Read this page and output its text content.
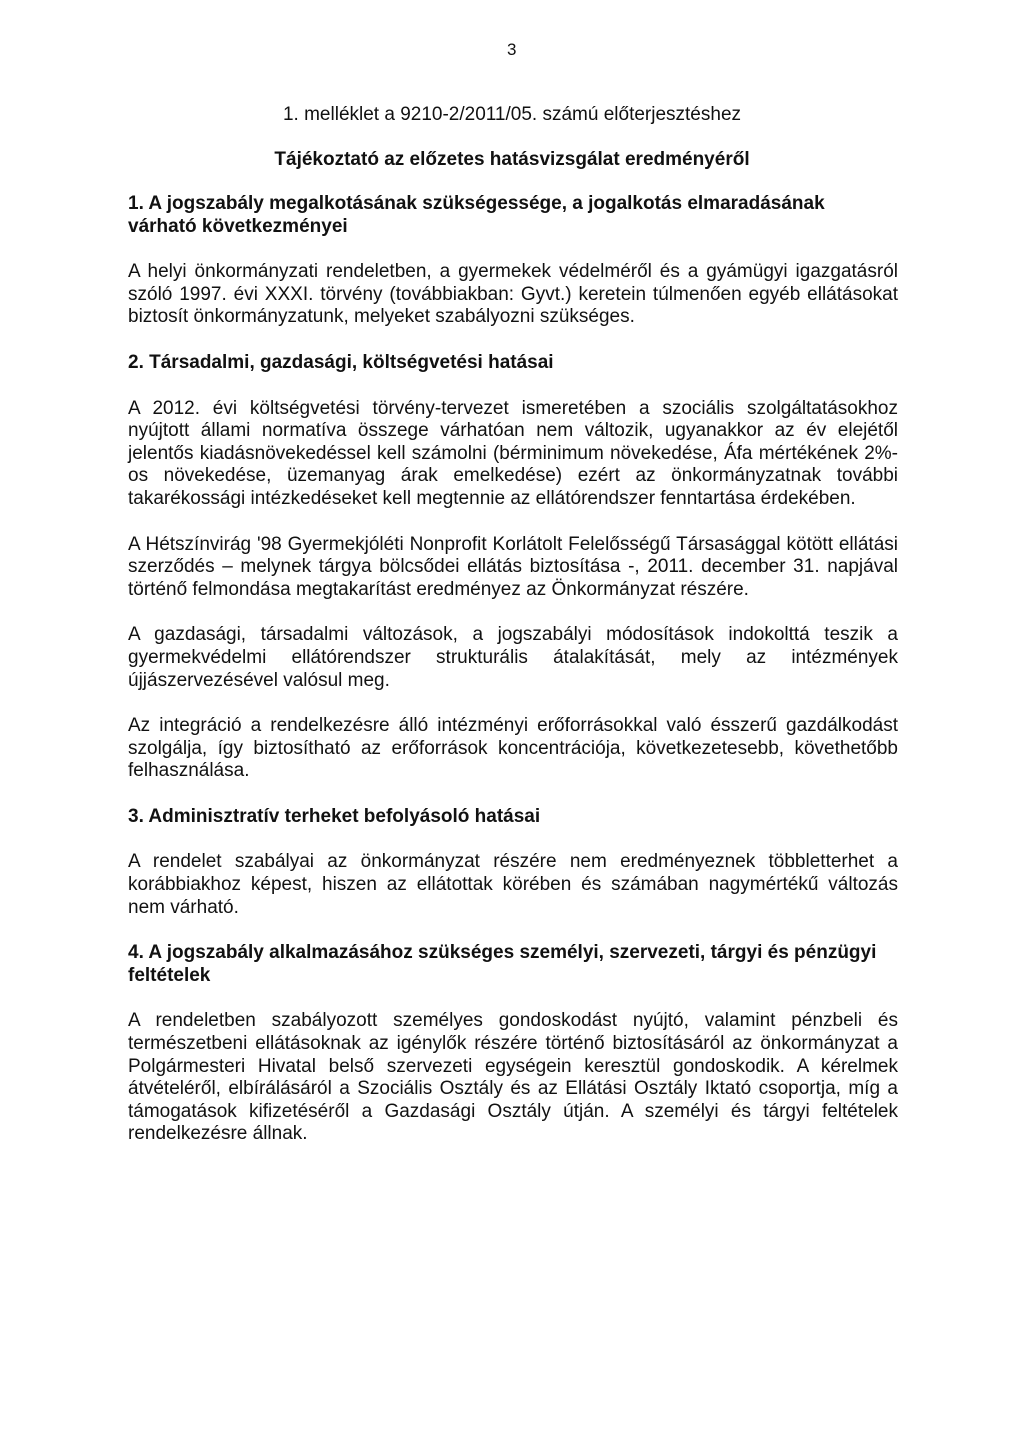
3
1. melléklet a 9210-2/2011/05. számú előterjesztéshez
Tájékoztató az előzetes hatásvizsgálat eredményéről

1. A jogszabály megalkotásának szükségessége, a jogalkotás elmaradásának várható következményei

A helyi önkormányzati rendeletben, a gyermekek védelméről és a gyámügyi igazgatásról szóló 1997. évi XXXI. törvény (továbbiakban: Gyvt.) keretein túlmenően egyéb ellátásokat biztosít önkormányzatunk, melyeket szabályozni szükséges.

2. Társadalmi, gazdasági, költségvetési hatásai

A 2012. évi költségvetési törvény-tervezet ismeretében a szociális szolgáltatásokhoz nyújtott állami normatíva összege várhatóan nem változik, ugyanakkor az év elejétől jelentős kiadásnövekedéssel kell számolni (bérminimum növekedése, Áfa mértékének 2%-os növekedése, üzemanyag árak emelkedése) ezért az önkormányzatnak további takarékossági intézkedéseket kell megtennie az ellátórendszer fenntartása érdekében.

A Hétszínvirág '98 Gyermekjóléti Nonprofit Korlátolt Felelősségű Társasággal kötött ellátási szerződés – melynek tárgya bölcsődei ellátás biztosítása -, 2011. december 31. napjával történő felmondása megtakarítást eredményez az Önkormányzat részére.

A gazdasági, társadalmi változások, a jogszabályi módosítások indokolttá teszik a gyermekvédelmi ellátórendszer strukturális átalakítását, mely az intézmények újjászervezésével valósul meg.

Az integráció a rendelkezésre álló intézményi erőforrásokkal való ésszerű gazdálkodást szolgálja, így biztosítható az erőforrások koncentrációja, következetesebb, követhetőbb felhasználása.

3. Adminisztratív terheket befolyásoló hatásai

A rendelet szabályai az önkormányzat részére nem eredményeznek többletterhet a korábbiakhoz képest, hiszen az ellátottak körében és számában nagymértékű változás nem várható.

4. A jogszabály alkalmazásához szükséges személyi, szervezeti, tárgyi és pénzügyi feltételek

A rendeletben szabályozott személyes gondoskodást nyújtó, valamint pénzbeli és természetbeni ellátásoknak az igénylők részére történő biztosításáról az önkormányzat a Polgármesteri Hivatal belső szervezeti egységein keresztül gondoskodik. A kérelmek átvételéről, elbírálásáról a Szociális Osztály és az Ellátási Osztály Iktató csoportja, míg a támogatások kifizetéséről a Gazdasági Osztály útján. A személyi és tárgyi feltételek rendelkezésre állnak.
